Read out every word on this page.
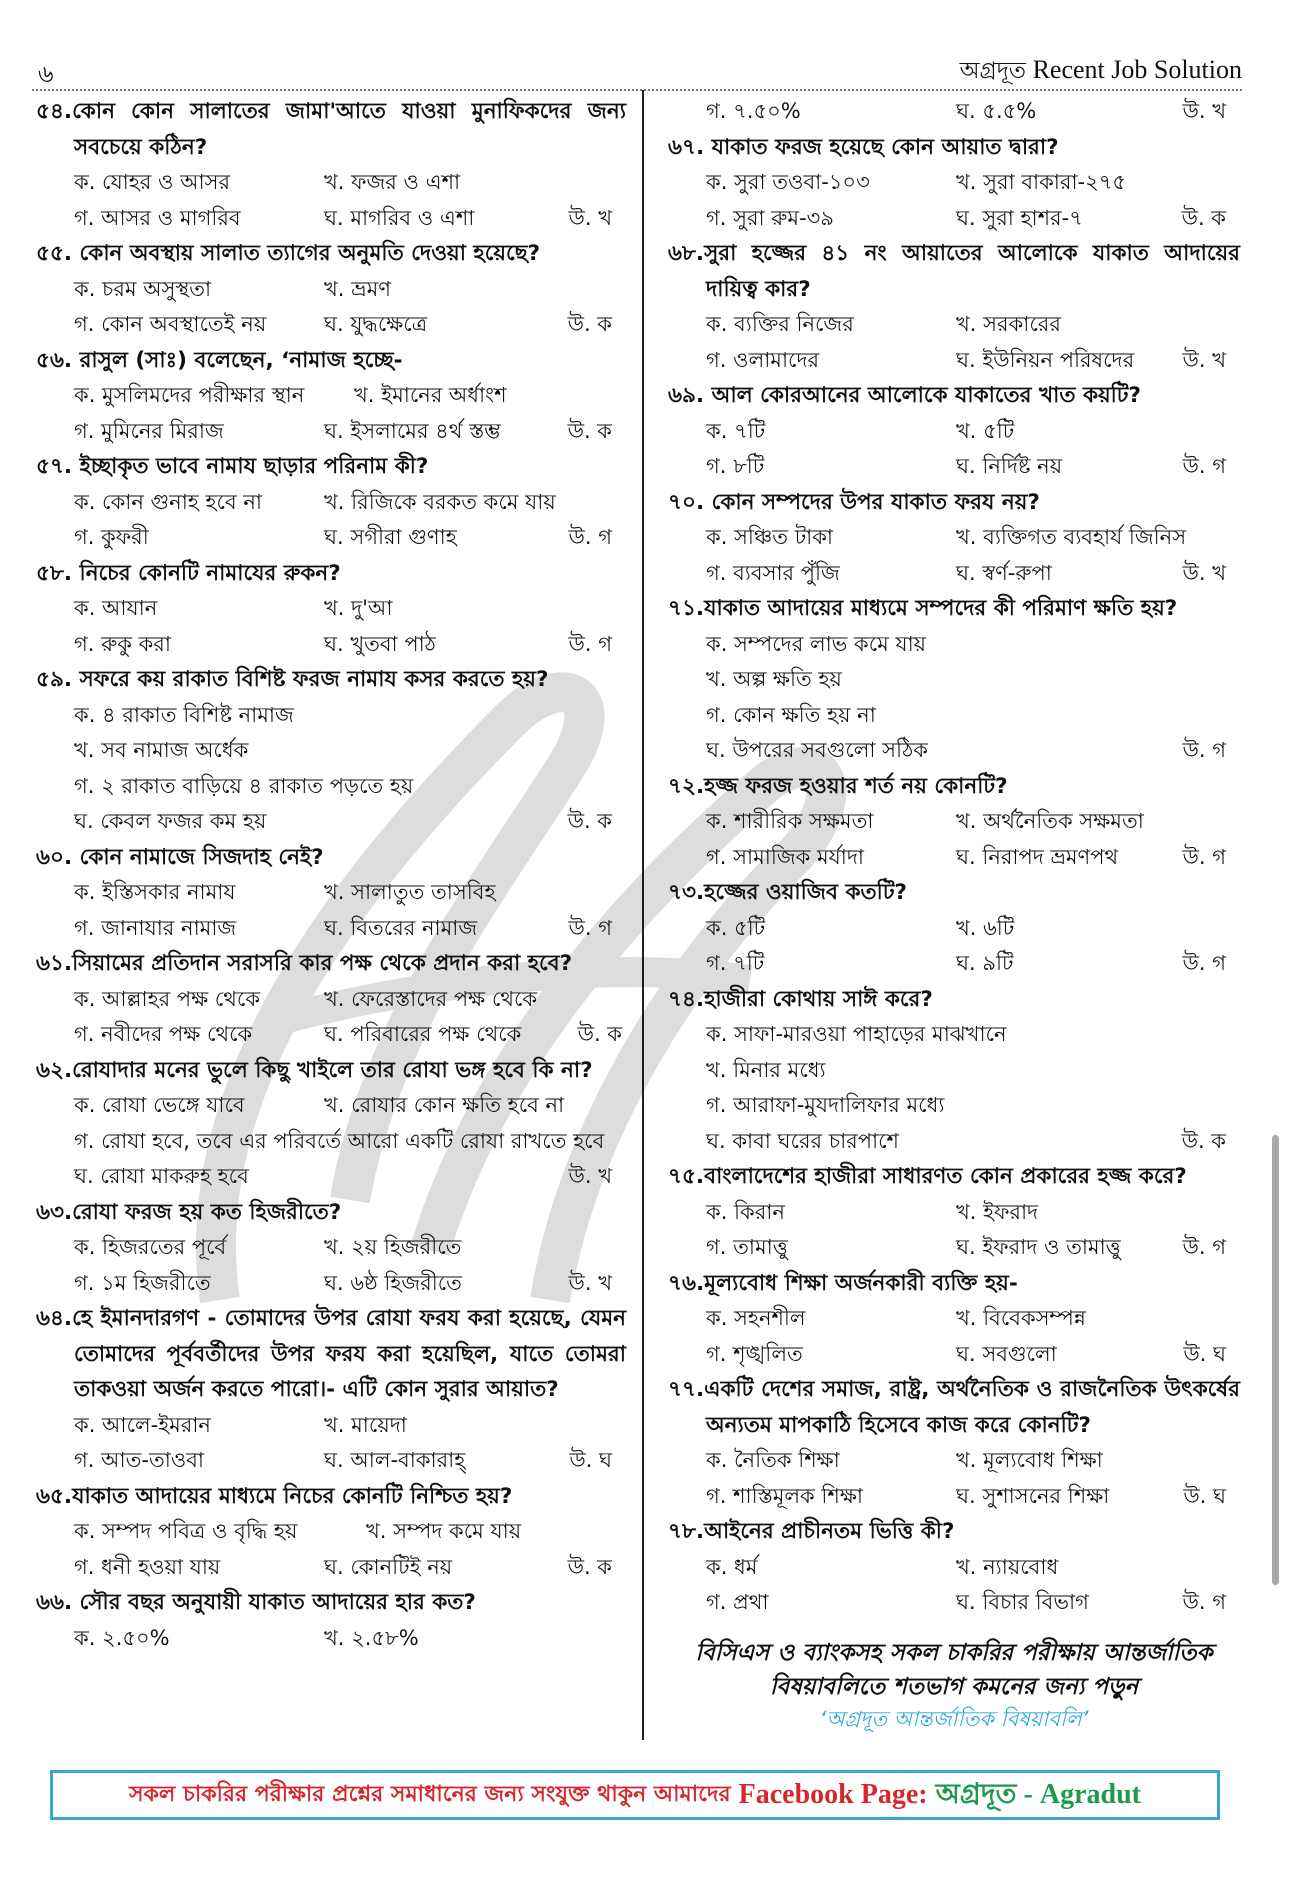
৬	অগ্রদূত Recent Job Solution
৫৪.কোন কোন সালাতের জামা'আতে যাওয়া মুনাফিকদের জন্য সবচেয়ে কঠিন?
ক. যোহর ও আসর	খ. ফজর ও এশা
গ. আসর ও মাগরিব	ঘ. মাগরিব ও এশা	উ. খ
৫৫. কোন অবস্থায় সালাত ত্যাগের অনুমতি দেওয়া হয়েছে?
ক. চরম অসুস্থতা	খ. ভ্রমণ
গ. কোন অবস্থাতেই নয়	ঘ. যুদ্ধক্ষেত্রে	উ. ক
৫৬. রাসুল (সাঃ) বলেছেন, ‘নামাজ হচ্ছে-
ক. মুসলিমদের পরীক্ষার স্থান খ. ইমানের অর্ধাংশ
গ. মুমিনের মিরাজ	ঘ. ইসলামের ৪র্থ স্তম্ভ	উ. ক
৫৭. ইচ্ছাকৃত ভাবে নামায ছাড়ার পরিনাম কী?
ক. কোন গুনাহ হবে না	খ. রিজিকে বরকত কমে যায়
গ. কুফরী	ঘ. সগীরা গুণাহ	উ. গ
৫৮. নিচের কোনটি নামাযের রুকন?
ক. আযান	খ. দু'আ
গ. রুকু করা	ঘ. খুতবা পাঠ	উ. গ
৫৯. সফরে কয় রাকাত বিশিষ্ট ফরজ নামায কসর করতে হয়?
ক. ৪ রাকাত বিশিষ্ট নামাজ
খ. সব নামাজ অর্ধেক
গ. ২ রাকাত বাড়িয়ে ৪ রাকাত পড়তে হয়
ঘ. কেবল ফজর কম হয়	উ. ক
৬০. কোন নামাজে সিজদাহ নেই?
ক. ইস্তিসকার নামায	খ. সালাতুত তাসবিহ
গ. জানাযার নামাজ	ঘ. বিতরের নামাজ	উ. গ
৬১.সিয়ামের প্রতিদান সরাসরি কার পক্ষ থেকে প্রদান করা হবে?
ক. আল্লাহর পক্ষ থেকে	খ. ফেরেস্তাদের পক্ষ থেকে
গ. নবীদের পক্ষ থেকে	ঘ. পরিবারের পক্ষ থেকে	উ. ক
৬২.রোযাদার মনের ভুলে কিছু খাইলে তার রোযা ভঙ্গ হবে কি না?
ক. রোযা ভেঙ্গে যাবে	খ. রোযার কোন ক্ষতি হবে না
গ. রোযা হবে, তবে এর পরিবর্তে আরো একটি রোযা রাখতে হবে
ঘ. রোযা মাকরুহ হবে	উ. খ
৬৩.রোযা ফরজ হয় কত হিজরীতে?
ক. হিজরতের পূর্বে	খ. ২য় হিজরীতে
গ. ১ম হিজরীতে	ঘ. ৬ষ্ঠ হিজরীতে	উ. খ
৬৪.হে ইমানদারগণ - তোমাদের উপর রোযা ফরয করা হয়েছে, যেমন তোমাদের পূর্ববর্তীদের উপর ফরয করা হয়েছিল, যাতে তোমরা তাকওয়া অর্জন করতে পারো।- এটি কোন সুরার আয়াত?
ক. আলে-ইমরান	খ. মায়েদা
গ. আত-তাওবা	ঘ. আল-বাকারাহ্	উ. ঘ
৬৫.যাকাত আদায়ের মাধ্যমে নিচের কোনটি নিশ্চিত হয়?
ক. সম্পদ পবিত্র ও বৃদ্ধি হয়	খ. সম্পদ কমে যায়
গ. ধনী হওয়া যায়	ঘ. কোনটিই নয়	উ. ক
৬৬. সৌর বছর অনুযায়ী যাকাত আদায়ের হার কত?
ক. ২.৫০%	খ. ২.৫৮%
গ. ৭.৫০%	ঘ. ৫.৫%	উ. খ
৬৭. যাকাত ফরজ হয়েছে কোন আয়াত দ্বারা?
ক. সুরা তওবা-১০৩	খ. সুরা বাকারা-২৭৫
গ. সুরা রুম-৩৯	ঘ. সুরা হাশর-৭	উ. ক
৬৮.সুরা হজ্জের ৪১ নং আয়াতের আলোকে যাকাত আদায়ের দায়িত্ব কার?
ক. ব্যক্তির নিজের	খ. সরকারের
গ. ওলামাদের	ঘ. ইউনিয়ন পরিষদের উ. খ
৬৯. আল কোরআনের আলোকে যাকাতের খাত কয়টি?
ক. ৭টি	খ. ৫টি
গ. ৮টি	ঘ. নির্দিষ্ট নয়	উ. গ
৭০. কোন সম্পদের উপর যাকাত ফরয নয়?
ক. সঞ্চিত টাকা	খ. ব্যক্তিগত ব্যবহার্য জিনিস
গ. ব্যবসার পুঁজি	ঘ. স্বর্ণ-রুপা	উ. খ
৭১.যাকাত আদায়ের মাধ্যমে সম্পদের কী পরিমাণ ক্ষতি হয়?
ক. সম্পদের লাভ কমে যায়
খ. অল্প ক্ষতি হয়
গ. কোন ক্ষতি হয় না
ঘ. উপরের সবগুলো সঠিক	উ. গ
৭২.হজ্জ ফরজ হওয়ার শর্ত নয় কোনটি?
ক. শারীরিক সক্ষমতা	খ. অর্থনৈতিক সক্ষমতা
গ. সামাজিক মর্যাদা	ঘ. নিরাপদ ভ্রমণপথ	উ. গ
৭৩.হজ্জের ওয়াজিব কতটি?
ক. ৫টি	খ. ৬টি
গ. ৭টি	ঘ. ৯টি	উ. গ
৭৪.হাজীরা কোথায় সাঈ করে?
ক. সাফা-মারওয়া পাহাড়ের মাঝখানে
খ. মিনার মধ্যে
গ. আরাফা-মুযদালিফার মধ্যে
ঘ. কাবা ঘরের চারপাশে	উ. ক
৭৫.বাংলাদেশের হাজীরা সাধারণত কোন প্রকারের হজ্জ করে?
ক. কিরান	খ. ইফরাদ
গ. তামাত্তু	ঘ. ইফরাদ ও তামাত্তু	উ. গ
৭৬.মূল্যবোধ শিক্ষা অর্জনকারী ব্যক্তি হয়-
ক. সহনশীল	খ. বিবেকসম্পন্ন
গ. শৃঙ্খলিত	ঘ. সবগুলো	উ. ঘ
৭৭.একটি দেশের সমাজ, রাষ্ট্র, অর্থনৈতিক ও রাজনৈতিক উৎকর্ষের অন্যতম মাপকাঠি হিসেবে কাজ করে কোনটি?
ক. নৈতিক শিক্ষা	খ. মূল্যবোধ শিক্ষা
গ. শাস্তিমূলক শিক্ষা	ঘ. সুশাসনের শিক্ষা	উ. ঘ
৭৮.আইনের প্রাচীনতম ভিত্তি কী?
ক. ধর্ম	খ. ন্যায়বোধ
গ. প্রথা	ঘ. বিচার বিভাগ	উ. গ
বিসিএস ও ব্যাংকসহ সকল চাকরির পরীক্ষায় আন্তর্জাতিক
বিষয়াবলিতে শতভাগ কমনের জন্য পড়ুন
‘অগ্রদূত আন্তর্জাতিক বিষয়াবলি’
সকল চাকরির পরীক্ষার প্রশ্নের সমাধানের জন্য সংযুক্ত থাকুন আমাদের Facebook Page: অগ্রদূত - Agradut
